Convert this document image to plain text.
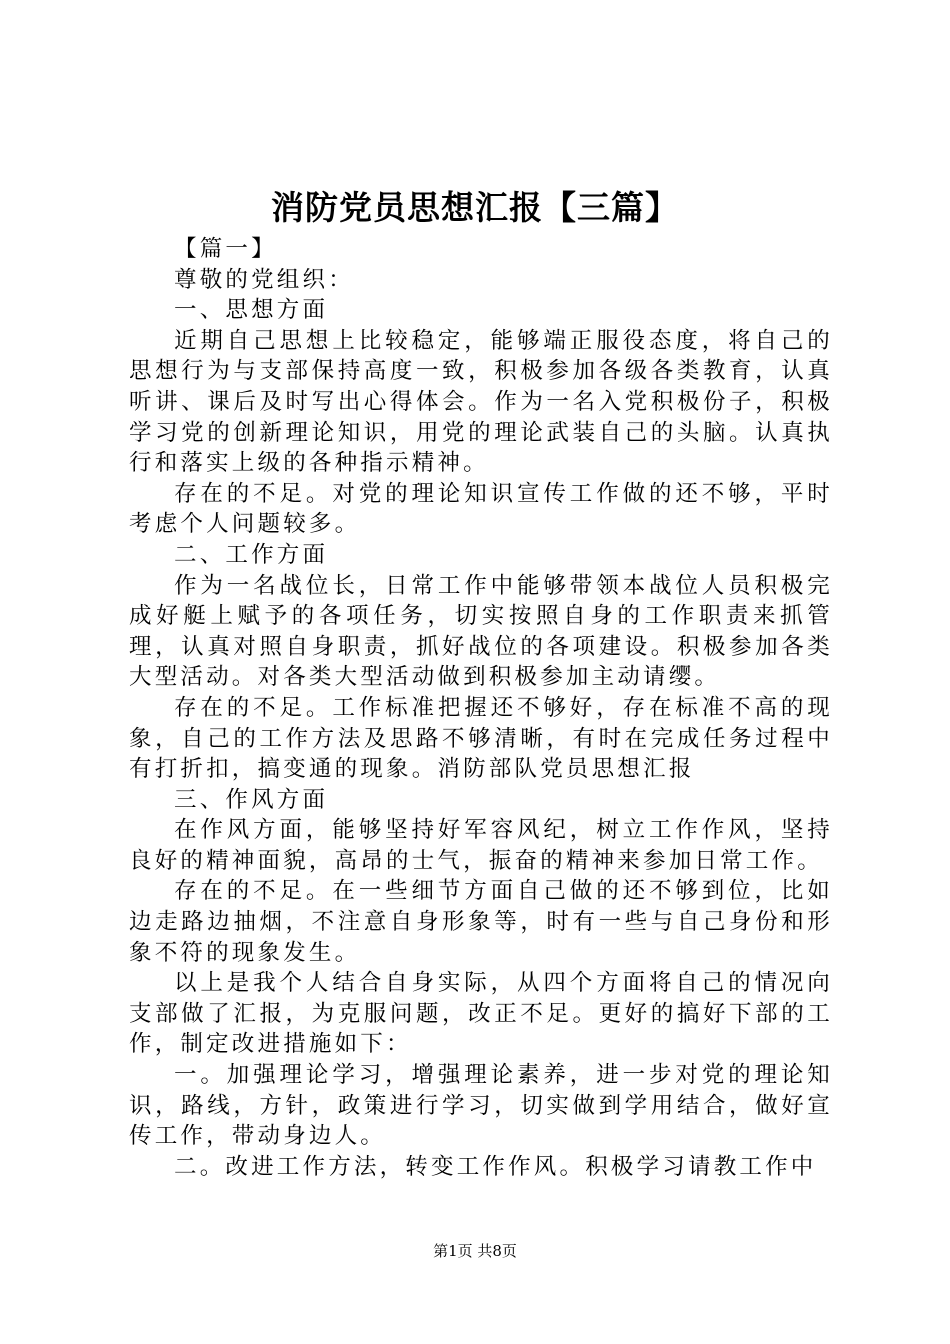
消防党员思想汇报【三篇】

【篇一】

尊敬的党组织：

一、思想方面

近期自己思想上比较稳定，能够端正服役态度，将自己的思想行为与支部保持高度一致，积极参加各级各类教育，认真听讲、课后及时写出心得体会。作为一名入党积极份子，积极学习党的创新理论知识，用党的理论武装自己的头脑。认真执行和落实上级的各种指示精神。

存在的不足。对党的理论知识宣传工作做的还不够，平时考虑个人问题较多。

二、工作方面

作为一名战位长，日常工作中能够带领本战位人员积极完成好艇上赋予的各项任务，切实按照自身的工作职责来抓管理，认真对照自身职责，抓好战位的各项建设。积极参加各类大型活动。对各类大型活动做到积极参加主动请缨。

存在的不足。工作标准把握还不够好，存在标准不高的现象，自己的工作方法及思路不够清晰，有时在完成任务过程中有打折扣，搞变通的现象。消防部队党员思想汇报

三、作风方面

在作风方面，能够坚持好军容风纪，树立工作作风，坚持良好的精神面貌，高昂的士气，振奋的精神来参加日常工作。

存在的不足。在一些细节方面自己做的还不够到位，比如边走路边抽烟，不注意自身形象等，时有一些与自己身份和形象不符的现象发生。

以上是我个人结合自身实际，从四个方面将自己的情况向支部做了汇报，为克服问题，改正不足。更好的搞好下部的工作，制定改进措施如下：

一。加强理论学习，增强理论素养，进一步对党的理论知识，路线，方针，政策进行学习，切实做到学用结合，做好宣传工作，带动身边人。

二。改进工作方法，转变工作作风。积极学习请教工作中

第1页 共8页
